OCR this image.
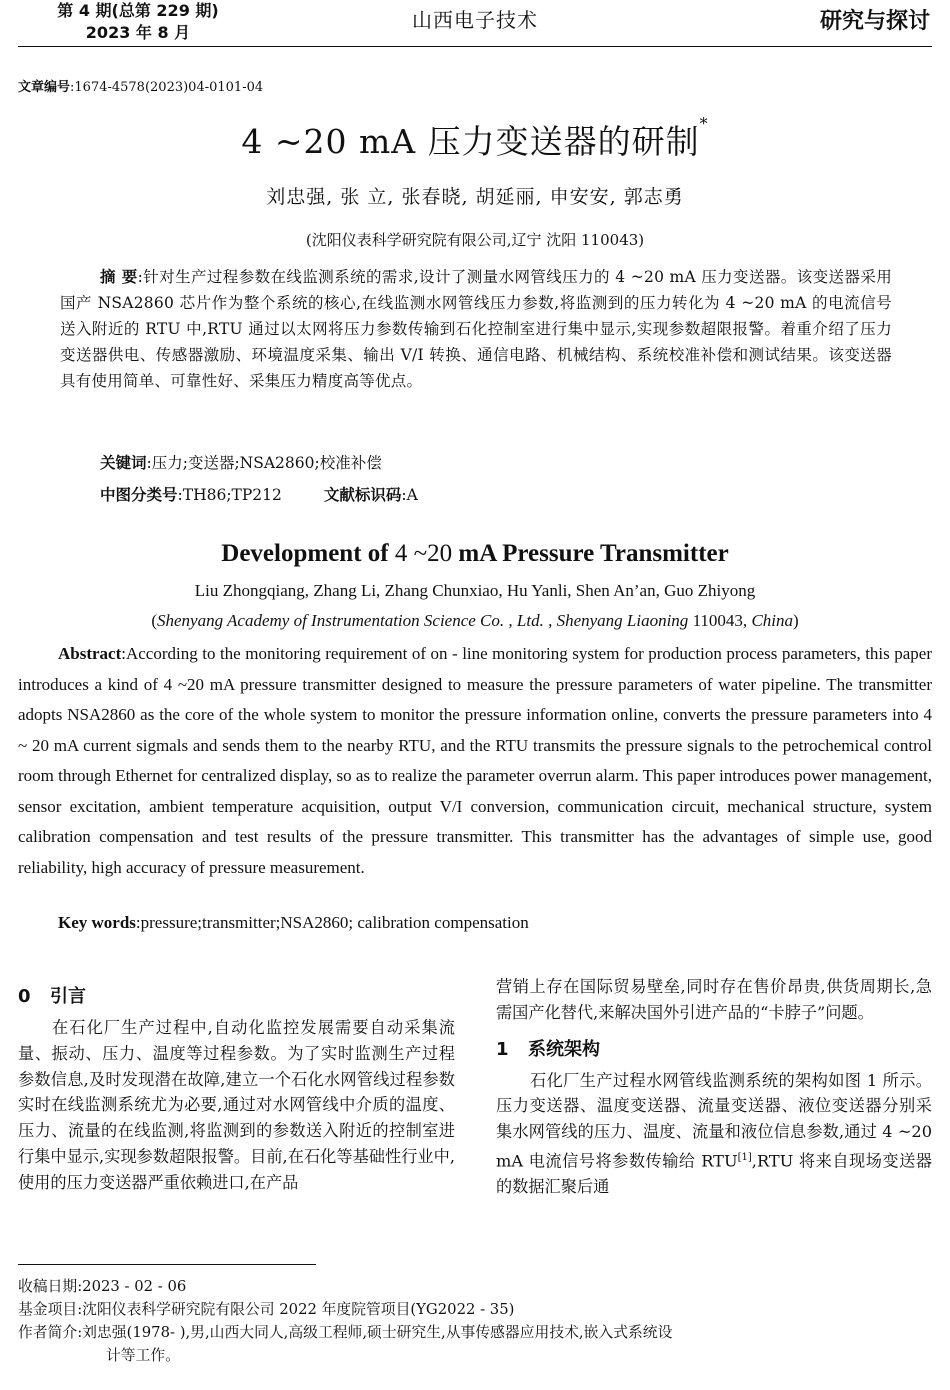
第 4 期(总第 229 期)
2023 年 8 月
山西电子技术	研究与探讨
文章编号:1674-4578(2023)04-0101-04
4 ~20 mA 压力变送器的研制*
刘忠强, 张 立, 张春晓, 胡延丽, 申安安, 郭志勇
(沈阳仪表科学研究院有限公司,辽宁 沈阳 110043)
摘 要:针对生产过程参数在线监测系统的需求,设计了测量水网管线压力的 4 ~20 mA 压力变送器。该变送器采用国产 NSA2860 芯片作为整个系统的核心,在线监测水网管线压力参数,将监测到的压力转化为 4 ~20 mA 的电流信号送入附近的 RTU 中,RTU 通过以太网将压力参数传输到石化控制室进行集中显示,实现参数超限报警。着重介绍了压力变送器供电、传感器激励、环境温度采集、输出 V/I 转换、通信电路、机械结构、系统校准补偿和测试结果。该变送器具有使用简单、可靠性好、采集压力精度高等优点。
关键词:压力;变送器;NSA2860;校准补偿
中图分类号:TH86;TP212	文献标识码:A
Development of 4 ~20 mA Pressure Transmitter
Liu Zhongqiang, Zhang Li, Zhang Chunxiao, Hu Yanli, Shen An’an, Guo Zhiyong
(Shenyang Academy of Instrumentation Science Co. , Ltd. , Shenyang Liaoning 110043, China)
Abstract:According to the monitoring requirement of on - line monitoring system for production process parameters, this paper introduces a kind of 4 ~20 mA pressure transmitter designed to measure the pressure parameters of water pipeline. The transmitter adopts NSA2860 as the core of the whole system to monitor the pressure information online, converts the pressure parameters into 4 ~ 20 mA current sigmals and sends them to the nearby RTU, and the RTU transmits the pressure signals to the petrochemical control room through Ethernet for centralized display, so as to realize the parameter overrun alarm. This paper introduces power management, sensor excitation, ambient temperature acquisition, output V/I conversion, communication circuit, mechanical structure, system calibration compensation and test results of the pressure transmitter. This transmitter has the advantages of simple use, good reliability, high accuracy of pressure measurement.
Key words:pressure;transmitter;NSA2860; calibration compensation
0 引言

在石化厂生产过程中,自动化监控发展需要自动采集流量、振动、压力、温度等过程参数。为了实时监测生产过程参数信息,及时发现潜在故障,建立一个石化水网管线过程参数实时在线监测系统尤为必要,通过对水网管线中介质的温度、压力、流量的在线监测,将监测到的参数送入附近的控制室进行集中显示,实现参数超限报警。目前,在石化等基础性行业中,使用的压力变送器严重依赖进口,在产品

营销上存在国际贸易壁垒,同时存在售价昂贵,供货周期长,急需国产化替代,来解决国外引进产品的“卡脖子”问题。

1 系统架构

石化厂生产过程水网管线监测系统的架构如图 1 所示。压力变送器、温度变送器、流量变送器、液位变送器分别采集水网管线的压力、温度、流量和液位信息参数,通过 4 ~20 mA 电流信号将参数传输给 RTU[1],RTU 将来自现场变送器的数据汇聚后通

收稿日期:2023 - 02 - 06
基金项目:沈阳仪表科学研究院有限公司 2022 年度院管项目(YG2022 - 35)
作者简介:刘忠强(1978- ),男,山西大同人,高级工程师,硕士研究生,从事传感器应用技术,嵌入式系统设
计等工作。
